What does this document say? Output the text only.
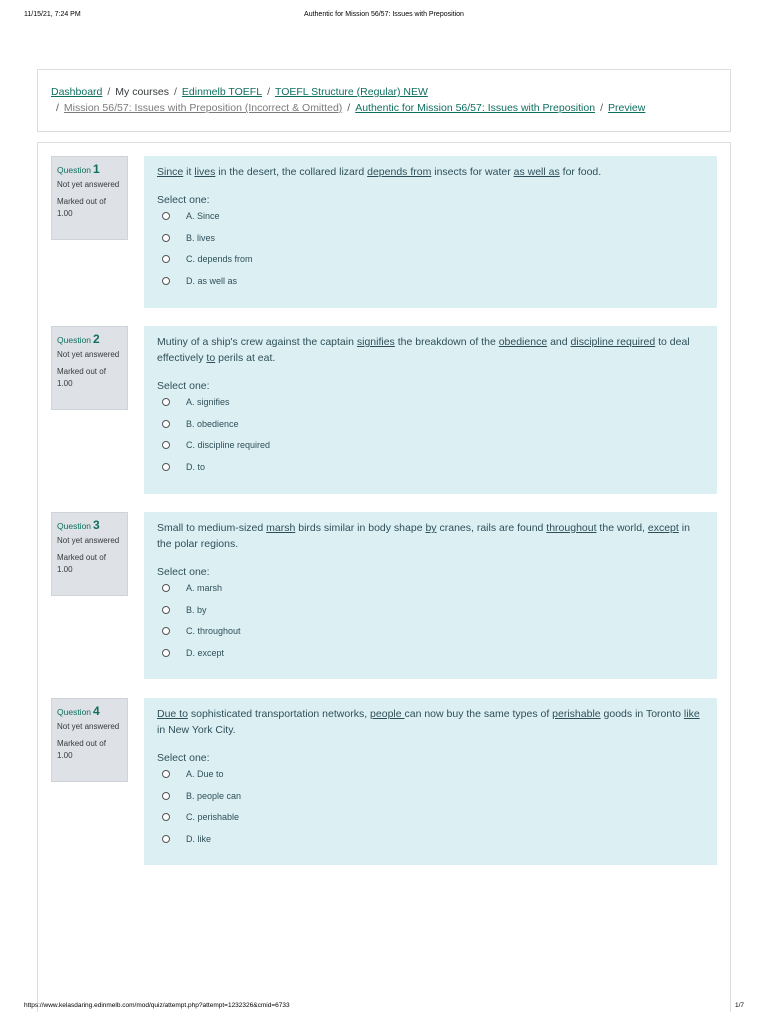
11/15/21, 7:24 PM	Authentic for Mission 56/57: Issues with Preposition
Dashboard / My courses / Edinmelb TOEFL / TOEFL Structure (Regular) NEW
/ Mission 56/57: Issues with Preposition (Incorrect & Omitted) / Authentic for Mission 56/57: Issues with Preposition / Preview
Question 1
Not yet answered
Marked out of 1.00
Since it lives in the desert, the collared lizard depends from insects for water as well as for food.
Select one:
A. Since
B. lives
C. depends from
D. as well as
Question 2
Not yet answered
Marked out of 1.00
Mutiny of a ship's crew against the captain signifies the breakdown of the obedience and discipline required to deal effectively to perils at eat.
Select one:
A. signifies
B. obedience
C. discipline required
D. to
Question 3
Not yet answered
Marked out of 1.00
Small to medium-sized marsh birds similar in body shape by cranes, rails are found throughout the world, except in the polar regions.
Select one:
A. marsh
B. by
C. throughout
D. except
Question 4
Not yet answered
Marked out of 1.00
Due to sophisticated transportation networks, people can now buy the same types of perishable goods in Toronto like in New York City.
Select one:
A. Due to
B. people can
C. perishable
D. like
https://www.kelasdaring.edinmelb.com/mod/quiz/attempt.php?attempt=1232326&cmid=6733	1/7
